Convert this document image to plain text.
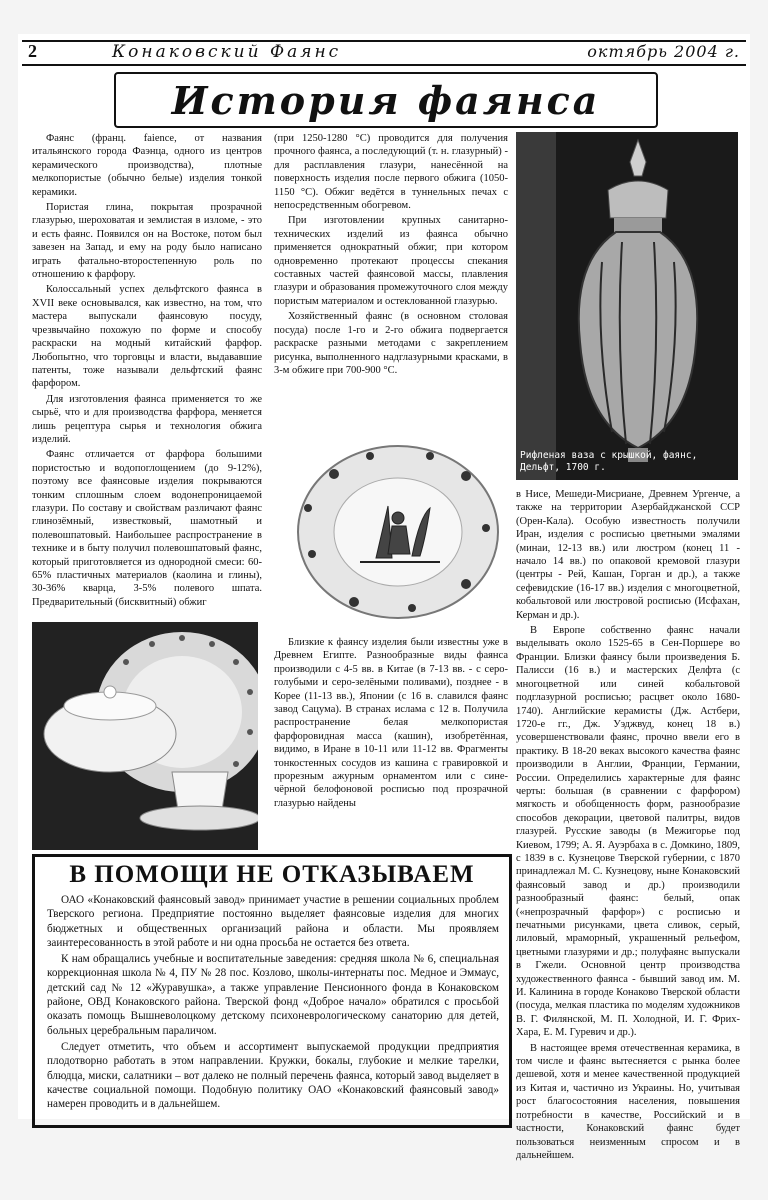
2	Конаковский Фаянс	октябрь 2004 г.
История фаянса

Фаянс (франц. faience, от названия итальянского города Фаэнца, одного из центров керамического производства), плотные мелкопористые (обычно белые) изделия тонкой керамики.

Пористая глина, покрытая прозрачной глазурью, шероховатая и землистая в изломе, - это и есть фаянс. Появился он на Востоке, потом был завезен на Запад, и ему на роду было написано играть фатально-второстепенную роль по отношению к фарфору.

Колоссальный успех дельфтского фаянса в XVII веке основывался, как известно, на том, что мастера выпускали фаянсовую посуду, чрезвычайно похожую по форме и способу раскраски на модный китайский фарфор. Любопытно, что торговцы и власти, выдававшие патенты, тоже называли дельфтский фаянс фарфором.

Для изготовления фаянса применяется то же сырьё, что и для производства фарфора, меняется лишь рецептура сырья и технология обжига изделий.

Фаянс отличается от фарфора большими пористостью и водопоглощением (до 9-12%), поэтому все фаянсовые изделия покрываются тонким сплошным слоем водонепроницаемой глазури. По составу и свойствам различают фаянс глинозёмный, известковый, шамотный и полевошпатовый. Наибольшее распространение в технике и в быту получил полевошпатовый фаянс, который приготовляется из однородной смеси: 60-65% пластичных материалов (каолина и глины), 30-36% кварца, 3-5% полевого шпата. Предварительный (бисквитный) обжиг

(при 1250-1280 °С) проводится для получения прочного фаянса, а последующий (т. н. глазурный) - для расплавления глазури, нанесённой на поверхность изделия после первого обжига (1050-1150 °С). Обжиг ведётся в туннельных печах с непосредственным обогревом.

При изготовлении крупных санитарно-технических изделий из фаянса обычно применяется однократный обжиг, при котором одновременно протекают процессы спекания составных частей фаянсовой массы, плавления глазури и образования промежуточного слоя между пористым материалом и остеклованной глазурью.

Хозяйственный фаянс (в основном столовая посуда) после 1-го и 2-го обжига подвергается раскраске разными методами с закреплением рисунка, выполненного надглазурными красками, в 3-м обжиге при 700-900 °С.

Близкие к фаянсу изделия были известны уже в Древнем Египте. Разнообразные виды фаянса производили с 4-5 вв. в Китае (в 7-13 вв. - с серо-голубыми и серо-зелёными поливами), позднее - в Корее (11-13 вв.), Японии (с 16 в. славился фаянс завод Сацума). В странах ислама с 12 в. Получила распространение белая мелкопористая фарфоровидная масса (кашин), изобретённая, видимо, в Иране в 10-11 или 11-12 вв. Фрагменты тонкостенных сосудов из кашина с гравировкой и прорезным ажурным орнаментом или с сине-чёрной белофоновой росписью под прозрачной глазурью найдены

Рифленая ваза с крышкой, фаянс, Дельфт, 1700 г.

в Нисе, Мешеди-Мисриане, Древнем Ургенче, а также на территории Азербайджанской ССР (Орен-Кала). Особую известность получили Иран, изделия с росписью цветными эмалями (минаи, 12-13 вв.) или люстром (конец 11 - начало 14 вв.) по опаковой кремовой глазури (центры - Рей, Кашан, Горган и др.), а также сефевидские (16-17 вв.) изделия с многоцветной, кобальтовой или люстровой росписью (Исфахан, Керман и др.).

В Европе собственно фаянс начали выделывать около 1525-65 в Сен-Поршере во Франции. Близки фаянсу были произведения Б. Палисси (16 в.) и мастерских Делфта (с многоцветной или синей кобальтовой подглазурной росписью; расцвет около 1680-1740). Английские керамисты (Дж. Астбери, 1720-е гг., Дж. Уэджвуд, конец 18 в.) усовершенствовали фаянс, прочно ввели его в практику. В 18-20 веках высокого качества фаянс производили в Англии, Франции, Германии, России. Определились характерные для фаянс черты: большая (в сравнении с фарфором) мягкость и обобщенность форм, разнообразие способов декорации, цветовой палитры, видов глазурей. Русские заводы (в Межигорье под Киевом, 1799; А. Я. Ауэрбаха в с. Домкино, 1809, с 1839 в с. Кузнецове Тверской губернии, с 1870 принадлежал М. С. Кузнецову, ныне Конаковский фаянсовый завод и др.) производили разнообразный фаянс: белый, опак («непрозрачный фарфор») с росписью и печатными рисунками, цвета сливок, серый, лиловый, мраморный, украшенный рельефом, цветными глазурями и др.; полуфаянс выпускали в Гжели. Основной центр производства художественного фаянса - бывший завод им. М. И. Калинина в городе Конаково Тверской области (посуда, мелкая пластика по моделям художников В. Г. Филянской, М. П. Холодной, И. Г. Фрих-Хара, Е. М. Гуревич и др.).

В настоящее время отечественная керамика, в том числе и фаянс вытесняется с рынка более дешевой, хотя и менее качественной продукцией из Китая и, частично из Украины. Но, учитывая рост благосостояния населения, повышения потребности в качестве, Российский и в частности, Конаковский фаянс будет пользоваться неизменным спросом и в дальнейшем.

В ПОМОЩИ НЕ ОТКАЗЫВАЕМ

ОАО «Конаковский фаянсовый завод» принимает участие в решении социальных проблем Тверского региона. Предприятие постоянно выделяет фаянсовые изделия для многих бюджетных и общественных организаций района и области. Мы проявляем заинтересованность в этой работе и ни одна просьба не остается без ответа.

К нам обращались учебные и воспитательные заведения: средняя школа № 6, специальная коррекционная школа № 4, ПУ № 28 пос. Козлово, школы-интернаты пос. Медное и Эммаус, детский сад № 12 «Журавушка», а также управление Пенсионного фонда в Конаковском районе, ОВД Конаковского района. Тверской фонд «Доброе начало» обратился с просьбой оказать помощь Вышневолоцкому детскому психоневрологическому санаторию для детей, больных церебральным параличом.

Следует отметить, что объем и ассортимент выпускаемой продукции предприятия плодотворно работать в этом направлении. Кружки, бокалы, глубокие и мелкие тарелки, блюдца, миски, салатники – вот далеко не полный перечень фаянса, который завод выделяет в качестве социальной помощи. Подобную политику ОАО «Конаковский фаянсовый завод» намерен проводить и в дальнейшем.
